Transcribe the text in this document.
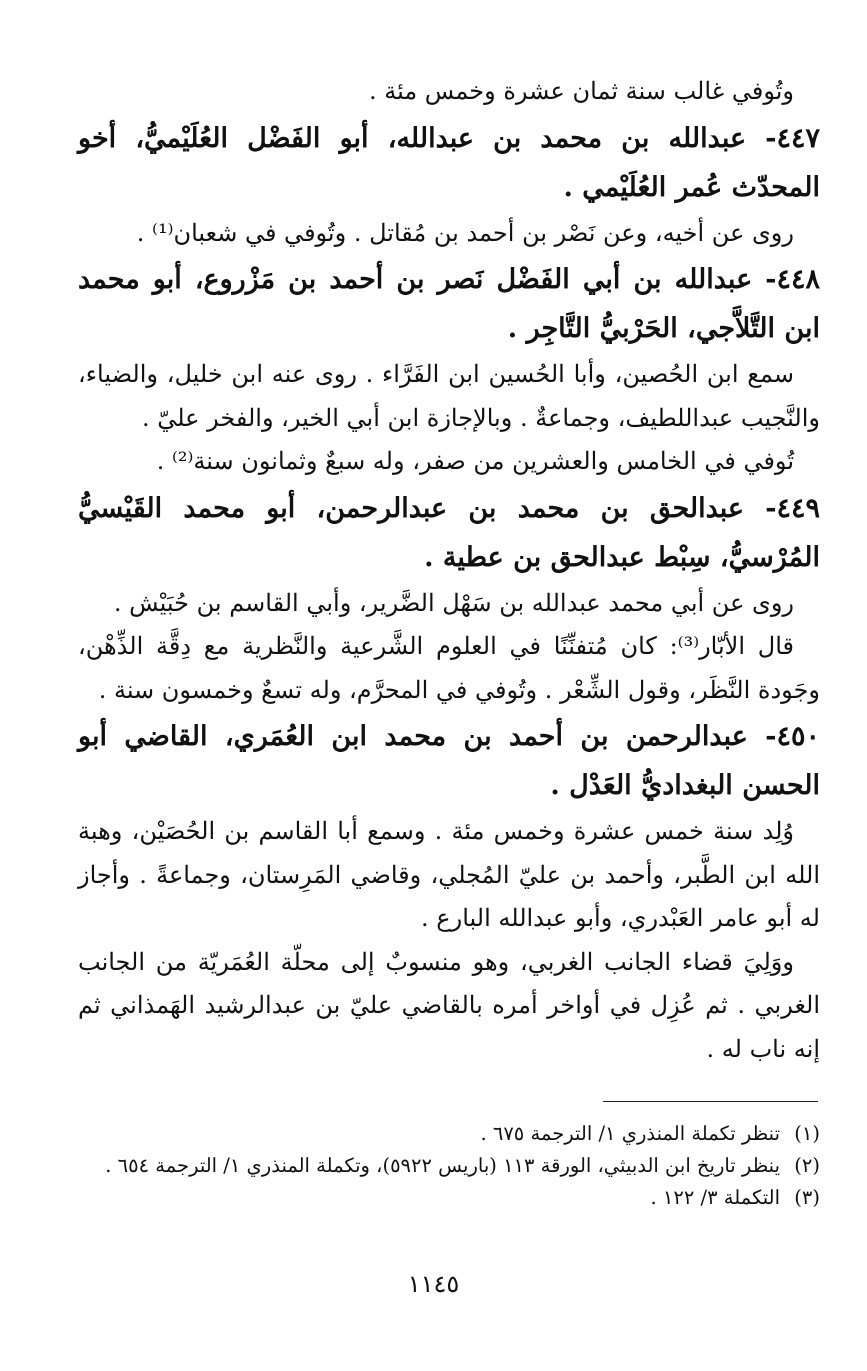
وتُوفي غالب سنة ثمان عشرة وخمس مئة .

٤٤٧- عبدالله بن محمد بن عبدالله، أبو الفَضْل العُلَيْميُّ، أخو المحدّث عُمر العُلَيْمي .

روى عن أخيه، وعن نَصْر بن أحمد بن مُقاتل . وتُوفي في شعبان⁽¹⁾ .

٤٤٨- عبدالله بن أبي الفَضْل نَصر بن أحمد بن مَزْروع، أبو محمد ابن التَّلاَّجي، الحَرْبيُّ التَّاجِر .

سمع ابن الحُصين، وأبا الحُسين ابن الفَرَّاء . روى عنه ابن خليل، والضياء، والنَّجيب عبداللطيف، وجماعةٌ . وبالإجازة ابن أبي الخير، والفخر عليّ .

تُوفي في الخامس والعشرين من صفر، وله سبعٌ وثمانون سنة⁽²⁾ .

٤٤٩- عبدالحق بن محمد بن عبدالرحمن، أبو محمد القَيْسيُّ المُرْسيُّ، سِبْط عبدالحق بن عطية .

روى عن أبي محمد عبدالله بن سَهْل الضَّرير، وأبي القاسم بن حُبَيْش .

قال الأبّار⁽³⁾: كان مُتفنِّنًا في العلوم الشَّرعية والنَّظرية مع دِقَّة الذِّهْن، وجَودة النَّظَر، وقول الشِّعْر . وتُوفي في المحرَّم، وله تسعٌ وخمسون سنة .

٤٥٠- عبدالرحمن بن أحمد بن محمد ابن العُمَري، القاضي أبو الحسن البغداديُّ العَدْل .

وُلِد سنة خمس عشرة وخمس مئة . وسمع أبا القاسم بن الحُصَيْن، وهبة الله ابن الطَّبر، وأحمد بن عليّ المُجلي، وقاضي المَرِستان، وجماعةً . وأجاز له أبو عامر العَبْدري، وأبو عبدالله البارع .

ووَلِيَ قضاء الجانب الغربي، وهو منسوبٌ إلى محلّة العُمَريّة من الجانب الغربي . ثم عُزِل في أواخر أمره بالقاضي عليّ بن عبدالرشيد الهَمذاني ثم إنه ناب له .

(١)
تنظر تكملة المنذري ١/ الترجمة ٦٧٥ .
(٢)
ينظر تاريخ ابن الدبيثي، الورقة ١١٣ (باريس ٥٩٢٢)، وتكملة المنذري ١/ الترجمة ٦٥٤ .
(٣)
التكملة ٣/ ١٢٢ .
١١٤٥
